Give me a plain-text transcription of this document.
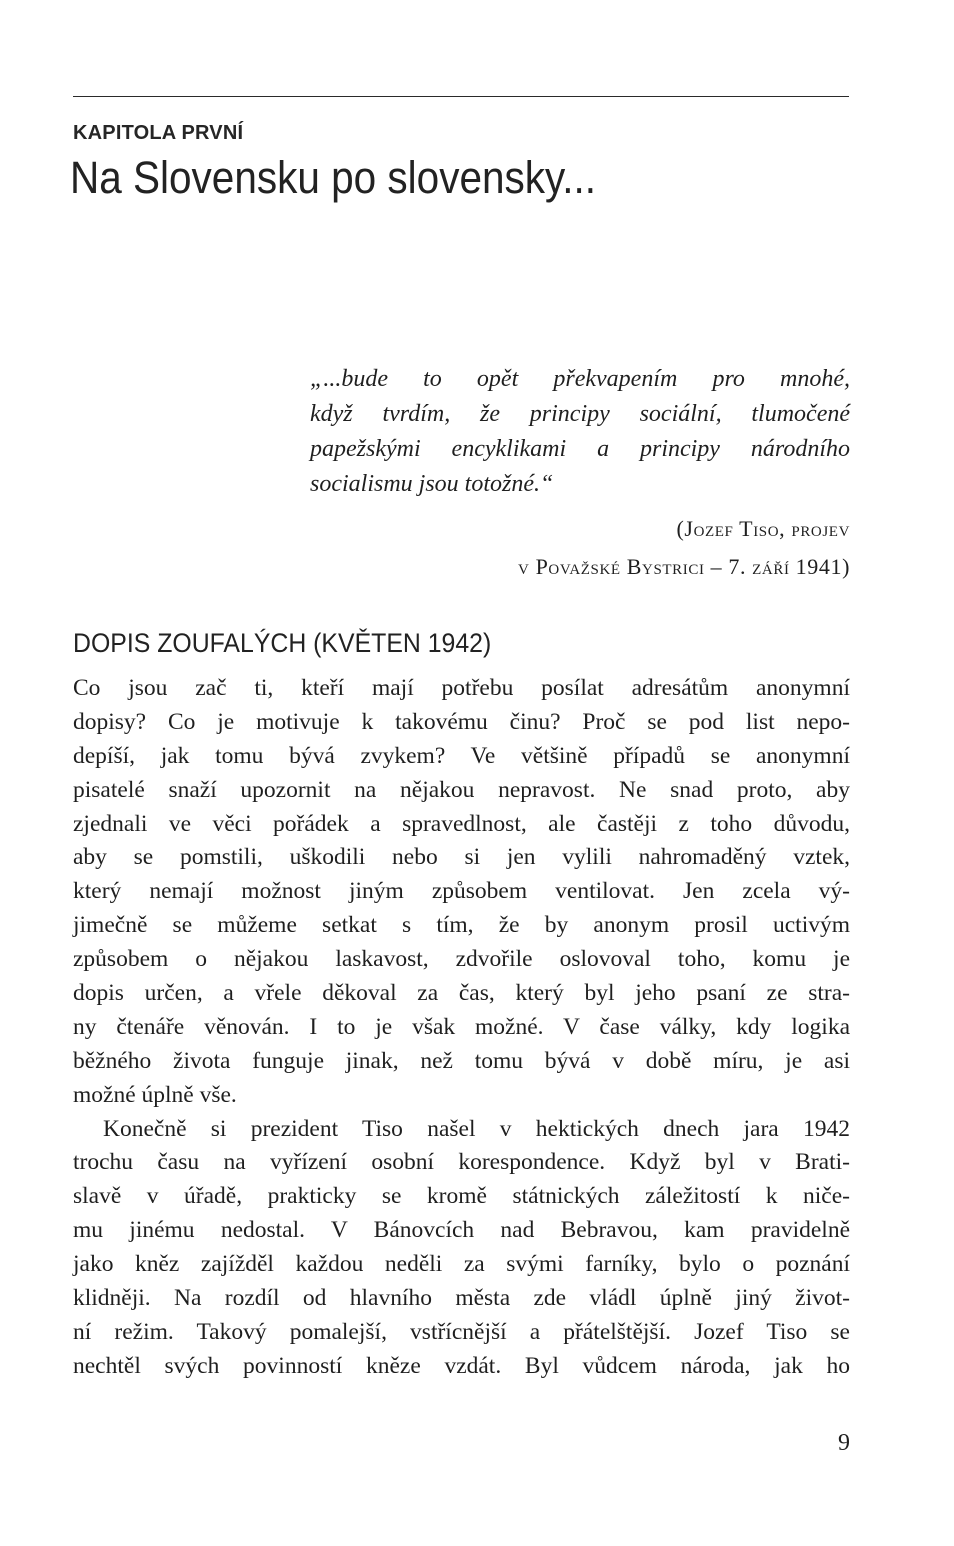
KAPITOLA PRVNÍ
Na Slovensku po slovensky...
„...bude to opět překvapením pro mnohé,
když tvrdím, že principy sociální, tlumočené
papežskými encyklikami a principy národního
socialismu jsou totožné.“
(Jozef Tiso, projev
v Považské Bystrici – 7. září 1941)
DOPIS ZOUFALÝCH (KVĚTEN 1942)
Co jsou zač ti, kteří mají potřebu posílat adresátům anonymní
dopisy? Co je motivuje k takovému činu? Proč se pod list nepo-
depíší, jak tomu bývá zvykem? Ve většině případů se anonymní
pisatelé snaží upozornit na nějakou nepravost. Ne snad proto, aby
zjednali ve věci pořádek a spravedlnost, ale častěji z toho důvodu,
aby se pomstili, uškodili nebo si jen vylili nahromaděný vztek,
který nemají možnost jiným způsobem ventilovat. Jen zcela vý-
jimečně se můžeme setkat s tím, že by anonym prosil uctivým
způsobem o nějakou laskavost, zdvořile oslovoval toho, komu je
dopis určen, a vřele děkoval za čas, který byl jeho psaní ze stra-
ny čtenáře věnován. I to je však možné. V čase války, kdy logika
běžného života funguje jinak, než tomu bývá v době míru, je asi
možné úplně vše.
Konečně si prezident Tiso našel v hektických dnech jara 1942
trochu času na vyřízení osobní korespondence. Když byl v Brati-
slavě v úřadě, prakticky se kromě státnických záležitostí k niče-
mu jinému nedostal. V Bánovcích nad Bebravou, kam pravidelně
jako kněz zajížděl každou neděli za svými farníky, bylo o poznání
klidněji. Na rozdíl od hlavního města zde vládl úplně jiný život-
ní režim. Takový pomalejší, vstřícnější a přátelštější. Jozef Tiso se
nechtěl svých povinností kněze vzdát. Byl vůdcem národa, jak ho
9
